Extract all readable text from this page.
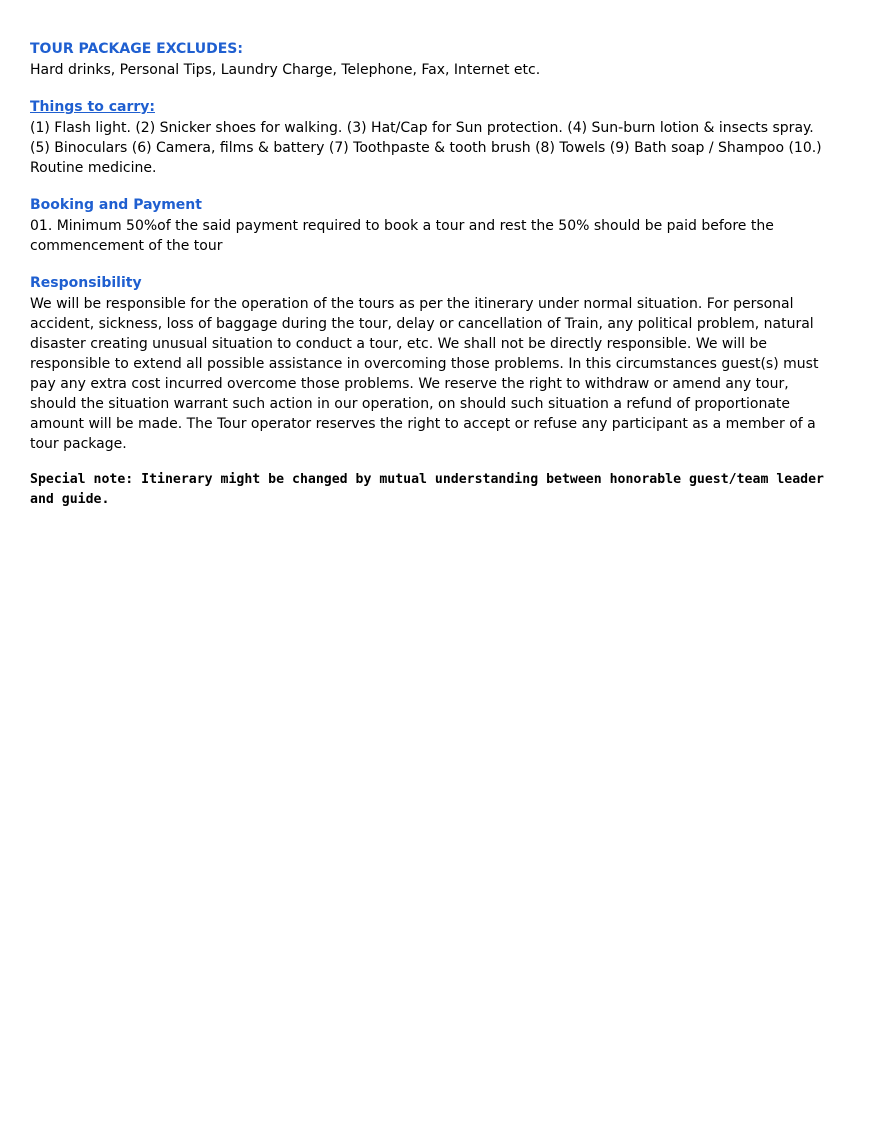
TOUR PACKAGE EXCLUDES:

Hard drinks, Personal Tips, Laundry Charge, Telephone, Fax, Internet etc.

Things to carry:

(1) Flash light. (2) Snicker shoes for walking. (3) Hat/Cap for Sun protection. (4) Sun-burn lotion & insects spray. (5) Binoculars (6) Camera, films & battery (7) Toothpaste & tooth brush (8) Towels (9) Bath soap / Shampoo (10.) Routine medicine.

Booking and Payment

01. Minimum 50%of the said payment required to book a tour and rest the 50% should be paid before the commencement of the tour

Responsibility

We will be responsible for the operation of the tours as per the itinerary under normal situation. For personal accident, sickness, loss of baggage during the tour, delay or cancellation of Train, any political problem, natural disaster creating unusual situation to conduct a tour, etc. We shall not be directly responsible. We will be responsible to extend all possible assistance in overcoming those problems. In this circumstances guest(s) must pay any extra cost incurred overcome those problems. We reserve the right to withdraw or amend any tour, should the situation warrant such action in our operation, on should such situation a refund of proportionate amount will be made. The Tour operator reserves the right to accept or refuse any participant as a member of a tour package.

Special note: Itinerary might be changed by mutual understanding between honorable guest/team leader and guide.
